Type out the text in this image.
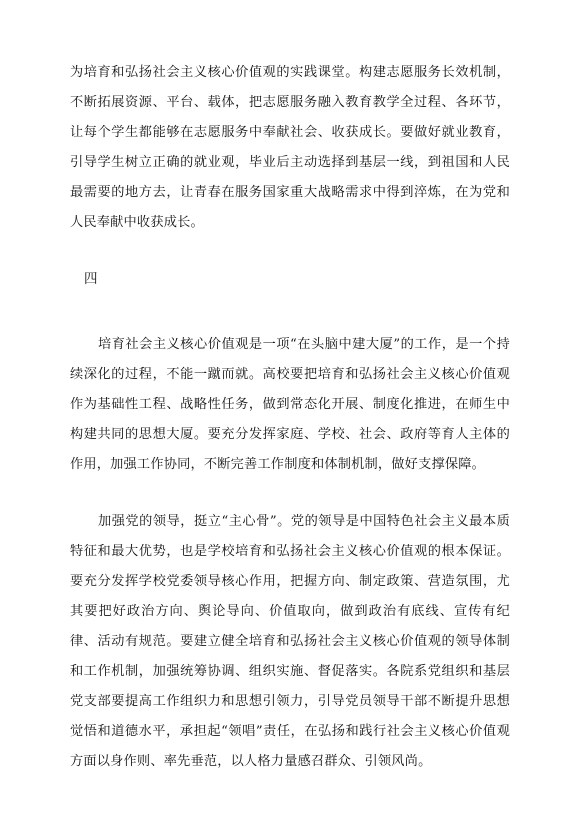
为培育和弘扬社会主义核心价值观的实践课堂。构建志愿服务长效机制，不断拓展资源、平台、载体，把志愿服务融入教育教学全过程、各环节，让每个学生都能够在志愿服务中奉献社会、收获成长。要做好就业教育，引导学生树立正确的就业观，毕业后主动选择到基层一线，到祖国和人民最需要的地方去，让青春在服务国家重大战略需求中得到淬炼，在为党和人民奉献中收获成长。

四

培育社会主义核心价值观是一项“在头脑中建大厦”的工作，是一个持续深化的过程，不能一蹴而就。高校要把培育和弘扬社会主义核心价值观作为基础性工程、战略性任务，做到常态化开展、制度化推进，在师生中构建共同的思想大厦。要充分发挥家庭、学校、社会、政府等育人主体的作用，加强工作协同，不断完善工作制度和体制机制，做好支撑保障。

加强党的领导，挺立“主心骨”。党的领导是中国特色社会主义最本质特征和最大优势，也是学校培育和弘扬社会主义核心价值观的根本保证。要充分发挥学校党委领导核心作用，把握方向、制定政策、营造氛围，尤其要把好政治方向、舆论导向、价值取向，做到政治有底线、宣传有纪律、活动有规范。要建立健全培育和弘扬社会主义核心价值观的领导体制和工作机制，加强统筹协调、组织实施、督促落实。各院系党组织和基层党支部要提高工作组织力和思想引领力，引导党员领导干部不断提升思想觉悟和道德水平，承担起“领唱”责任，在弘扬和践行社会主义核心价值观方面以身作则、率先垂范，以人格力量感召群众、引领风尚。
